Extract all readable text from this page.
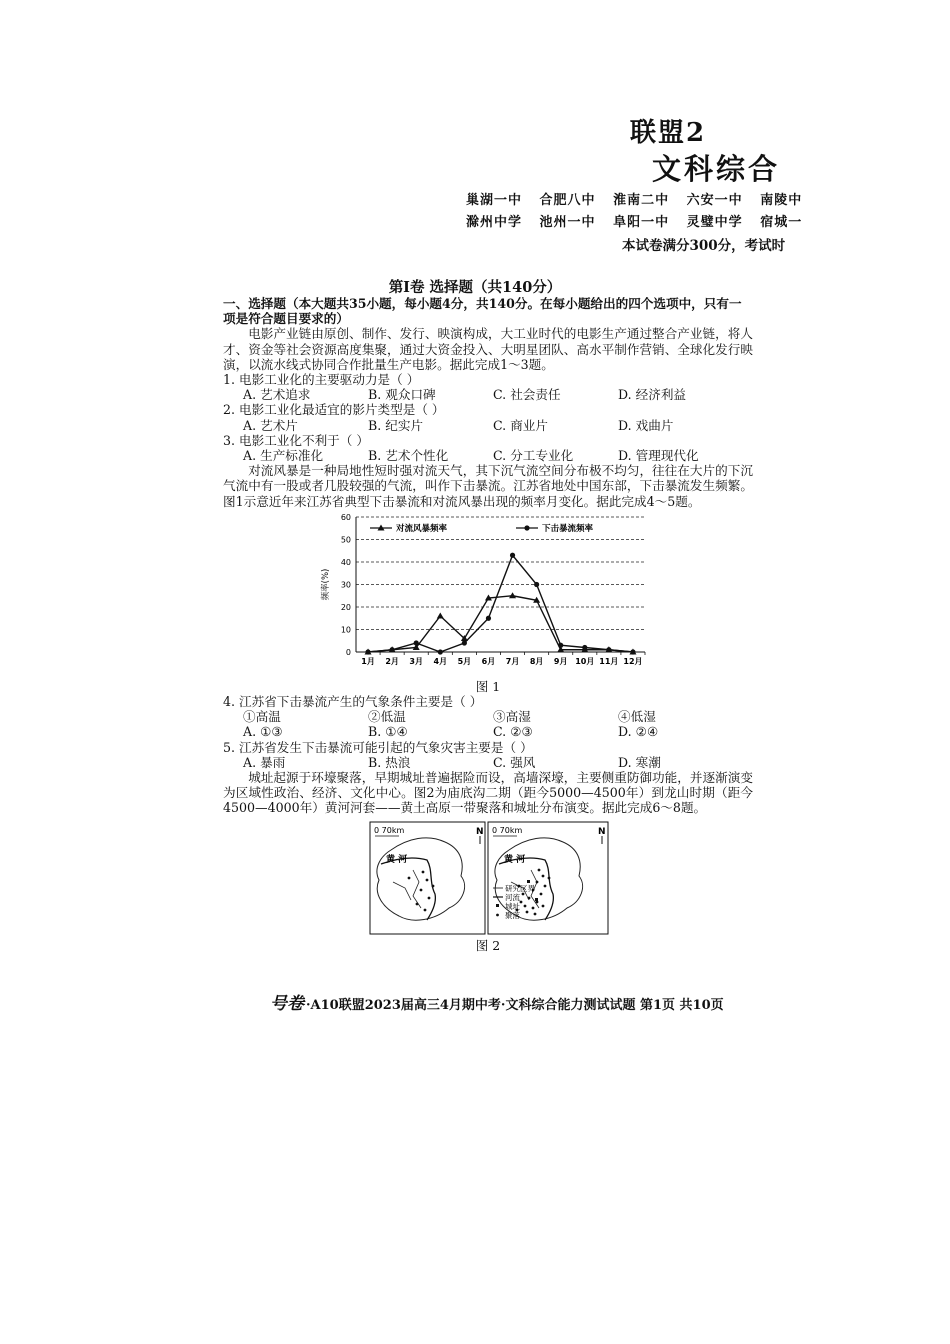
联盟2
文科综合
巢湖一中 合肥八中 淮南二中 六安一中 南陵中
滁州中学 池州一中 阜阳一中 灵璧中学 宿城一
本试卷满分300分，考试时
第Ⅰ卷 选择题（共140分）

一、选择题（本大题共35小题，每小题4分，共140分。在每小题给出的四个选项中，只有一项是符合题目要求的）

电影产业链由原创、制作、发行、映演构成，大工业时代的电影生产通过整合产业链，将人才、资金等社会资源高度集聚，通过大资金投入、大明星团队、高水平制作营销、全球化发行映演，以流水线式协同合作批量生产电影。据此完成1～3题。

1. 电影工业化的主要驱动力是（ ）

A. 艺术追求	B. 观众口碑	C. 社会责任	D. 经济利益

2. 电影工业化最适宜的影片类型是（ ）

A. 艺术片	B. 纪实片	C. 商业片	D. 戏曲片

3. 电影工业化不利于（ ）

A. 生产标准化	B. 艺术个性化	C. 分工专业化	D. 管理现代化

对流风暴是一种局地性短时强对流天气，其下沉气流空间分布极不均匀，往往在大片的下沉气流中有一股或者几股较强的气流，叫作下击暴流。江苏省地处中国东部，下击暴流发生频繁。图1示意近年来江苏省典型下击暴流和对流风暴出现的频率月变化。据此完成4～5题。

0
10
20
30
40
50
60
1月 2月 3月 4月 5月 6月 7月 8月 9月 10月 11月 12月
频率(%)
对流风暴频率	下击暴流频率

图 1

4. 江苏省下击暴流产生的气象条件主要是（ ）

①高温	②低温	③高湿	④低湿
A. ①③	B. ①④	C. ②③	D. ②④

5. 江苏省发生下击暴流可能引起的气象灾害主要是（ ）

A. 暴雨	B. 热浪	C. 强风	D. 寒潮

城址起源于环壕聚落，早期城址普遍据险而设，高墙深壕，主要侧重防御功能，并逐渐演变为区域性政治、经济、文化中心。图2为庙底沟二期（距今5000—4500年）到龙山时期（距今4500—4000年）黄河河套——黄土高原一带聚落和城址分布演变。据此完成6～8题。

0 70km	N
黄 河
0 70km	N
黄 河
研究区界
河流
城址
聚落

图 2

号卷 ·A10联盟2023届高三4月期中考·文科综合能力测试试题 第1页 共10页
